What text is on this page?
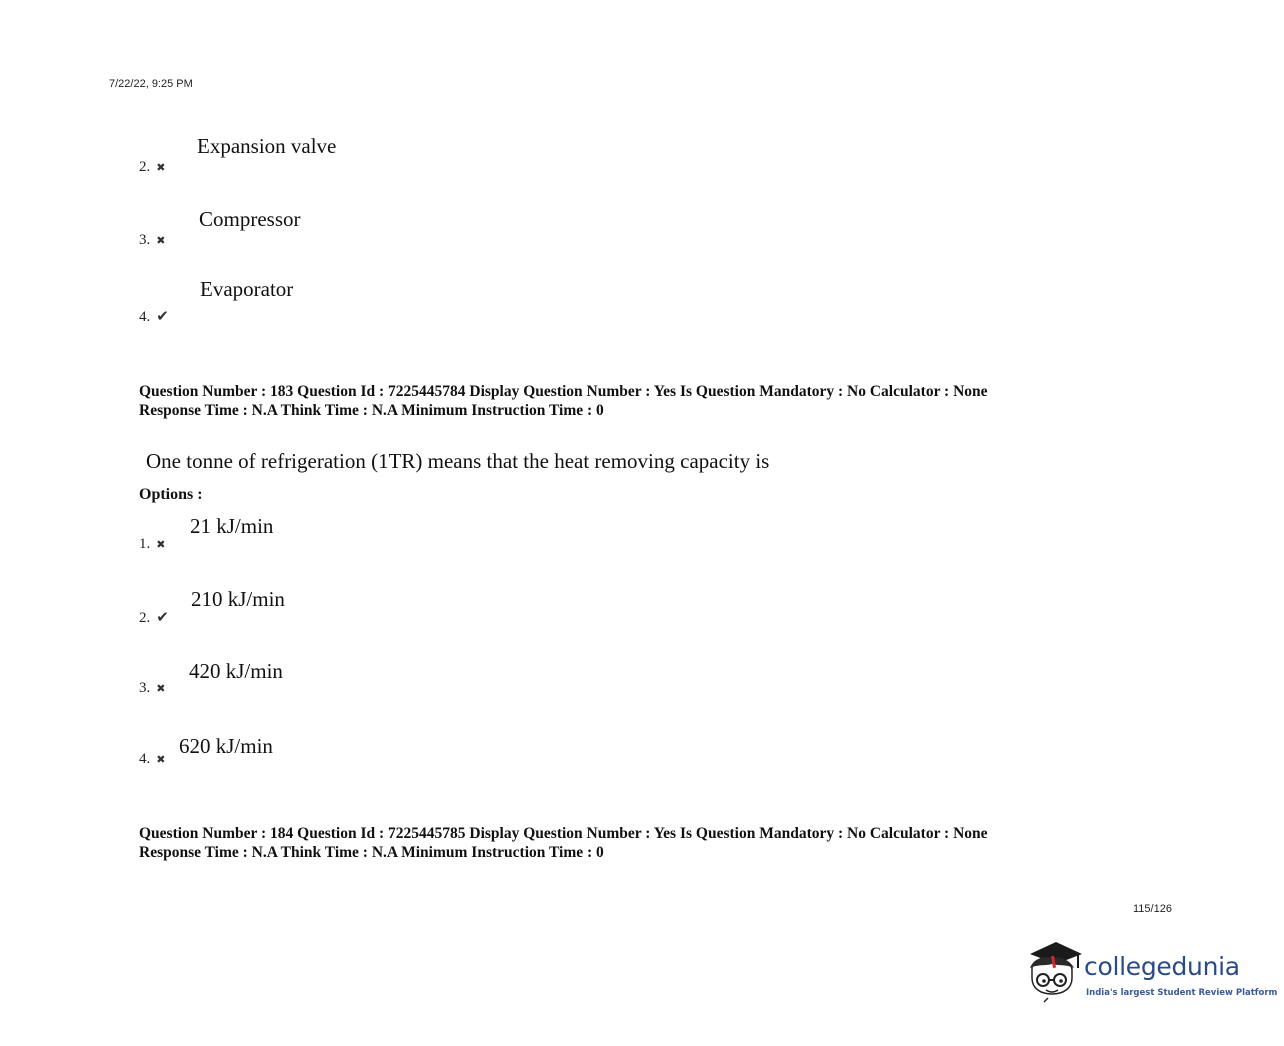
7/22/22, 9:25 PM
Expansion valve
2. ✖
Compressor
3. ✖
Evaporator
4. ✔
Question Number : 183 Question Id : 7225445784 Display Question Number : Yes Is Question Mandatory : No Calculator : None
Response Time : N.A Think Time : N.A Minimum Instruction Time : 0
One tonne of refrigeration (1TR) means that the heat removing capacity is
Options :
21 kJ/min
1. ✖
210 kJ/min
2. ✔
420 kJ/min
3. ✖
620 kJ/min
4. ✖
Question Number : 184 Question Id : 7225445785 Display Question Number : Yes Is Question Mandatory : No Calculator : None
Response Time : N.A Think Time : N.A Minimum Instruction Time : 0
115/126
collegedunia
India's largest Student Review Platform
